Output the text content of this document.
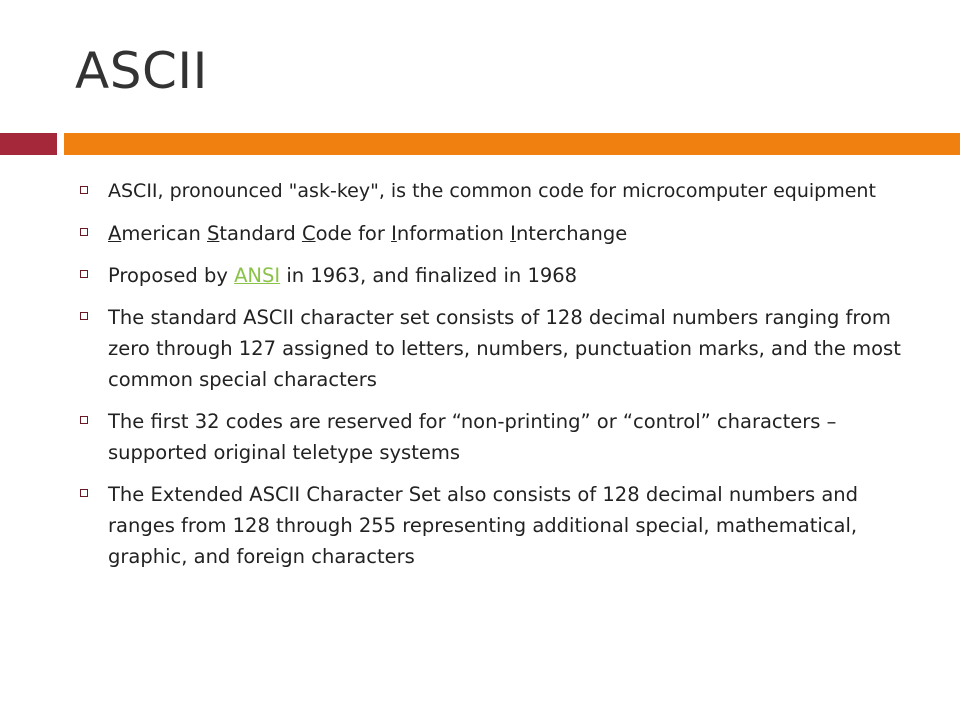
ASCII
ASCII, pronounced "ask-key", is the common code for microcomputer equipment
American Standard Code for Information Interchange
Proposed by ANSI in 1963, and finalized in 1968
The standard ASCII character set consists of 128 decimal numbers ranging from zero through 127 assigned to letters, numbers, punctuation marks, and the most common special characters
The first 32 codes are reserved for “non-printing” or “control” characters – supported original teletype systems
The Extended ASCII Character Set also consists of 128 decimal numbers and ranges from 128 through 255 representing additional special, mathematical, graphic, and foreign characters
